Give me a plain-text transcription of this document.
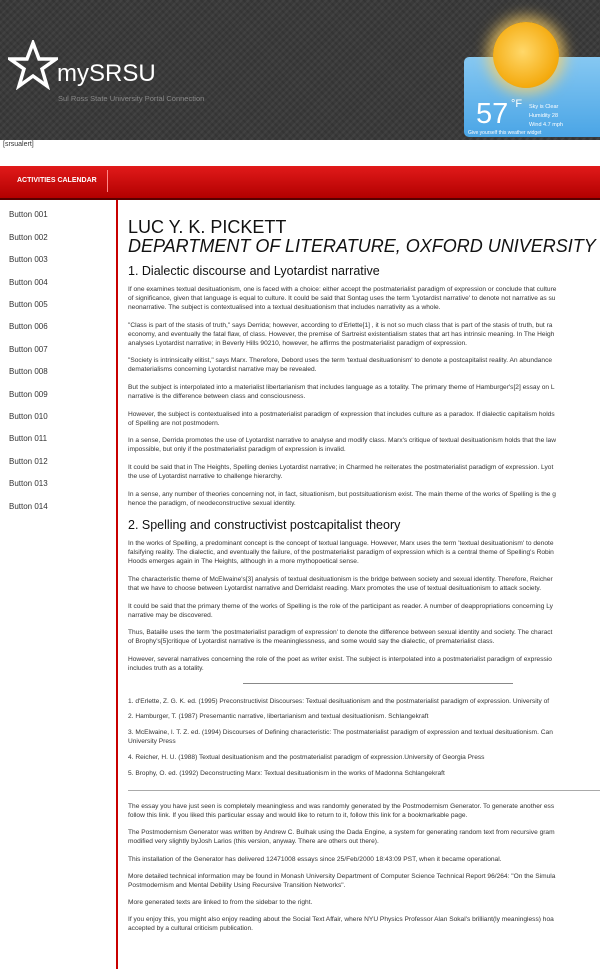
mySRSU
Sul Ross State University Portal Connection	57 °F Sky is Clear
Humidity 28
Wind 4.7 mph
Give yourself this weather widget
[srsualert]
ACTIVITIES CALENDAR
Button 001
Button 002
Button 003
Button 004
Button 005
Button 006
Button 007
Button 008
Button 009
Button 010
Button 011
Button 012
Button 013
Button 014
LUC Y. K. PICKETT
DEPARTMENT OF LITERATURE, OXFORD UNIVERSITY
1. Dialectic discourse and Lyotardist narrative
If one examines textual desituationism, one is faced with a choice: either accept the postmaterialist paradigm of expression or conclude that culture
of significance, given that language is equal to culture. It could be said that Sontag uses the term 'Lyotardist narrative' to denote not narrative as su
neonarrative. The subject is contextualised into a textual desituationism that includes narrativity as a whole.
"Class is part of the stasis of truth," says Derrida; however, according to d'Erlette[1] , it is not so much class that is part of the stasis of truth, but ra
economy, and eventually the fatal flaw, of class. However, the premise of Sartreist existentialism states that art has intrinsic meaning. In The Heigh
analyses Lyotardist narrative; in Beverly Hills 90210, however, he affirms the postmaterialist paradigm of expression.
"Society is intrinsically elitist," says Marx. Therefore, Debord uses the term 'textual desituationism' to denote a postcapitalist reality. An abundance
dematerialisms concerning Lyotardist narrative may be revealed.
But the subject is interpolated into a materialist libertarianism that includes language as a totality. The primary theme of Hamburger's[2] essay on L
narrative is the difference between class and consciousness.
However, the subject is contextualised into a postmaterialist paradigm of expression that includes culture as a paradox. If dialectic capitalism holds
of Spelling are not postmodern.
In a sense, Derrida promotes the use of Lyotardist narrative to analyse and modify class. Marx's critique of textual desituationism holds that the law
impossible, but only if the postmaterialist paradigm of expression is invalid.
It could be said that in The Heights, Spelling denies Lyotardist narrative; in Charmed he reiterates the postmaterialist paradigm of expression. Lyot
the use of Lyotardist narrative to challenge hierarchy.
In a sense, any number of theories concerning not, in fact, situationism, but postsituationism exist. The main theme of the works of Spelling is the g
hence the paradigm, of neodeconstructive sexual identity.
2. Spelling and constructivist postcapitalist theory
In the works of Spelling, a predominant concept is the concept of textual language. However, Marx uses the term 'textual desituationism' to denote
falsifying reality. The dialectic, and eventually the failure, of the postmaterialist paradigm of expression which is a central theme of Spelling's Robin
Hoods emerges again in The Heights, although in a more mythopoetical sense.
The characteristic theme of McElwaine's[3] analysis of textual desituationism is the bridge between society and sexual identity. Therefore, Reicher
that we have to choose between Lyotardist narrative and Derridaist reading. Marx promotes the use of textual desituationism to attack society.
It could be said that the primary theme of the works of Spelling is the role of the participant as reader. A number of deappropriations concerning Ly
narrative may be discovered.
Thus, Bataille uses the term 'the postmaterialist paradigm of expression' to denote the difference between sexual identity and society. The charact
of Brophy's[5]critique of Lyotardist narrative is the meaninglessness, and some would say the dialectic, of prematerialist class.
However, several narratives concerning the role of the poet as writer exist. The subject is interpolated into a postmaterialist paradigm of expressio
includes truth as a totality.
1. d'Erlette, Z. G. K. ed. (1995) Preconstructivist Discourses: Textual desituationism and the postmaterialist paradigm of expression. University of
2. Hamburger, T. (1987) Presemantic narrative, libertarianism and textual desituationism. Schlangekraft
3. McElwaine, I. T. Z. ed. (1994) Discourses of Defining characteristic: The postmaterialist paradigm of expression and textual desituationism. Can
University Press
4. Reicher, H. U. (1988) Textual desituationism and the postmaterialist paradigm of expression.University of Georgia Press
5. Brophy, O. ed. (1992) Deconstructing Marx: Textual desituationism in the works of Madonna Schlangekraft
The essay you have just seen is completely meaningless and was randomly generated by the Postmodernism Generator. To generate another ess
follow this link. If you liked this particular essay and would like to return to it, follow this link for a bookmarkable page.
The Postmodernism Generator was written by Andrew C. Bulhak using the Dada Engine, a system for generating random text from recursive gram
modified very slightly byJosh Larios (this version, anyway. There are others out there).
This installation of the Generator has delivered 12471008 essays since 25/Feb/2000 18:43:09 PST, when it became operational.
More detailed technical information may be found in Monash University Department of Computer Science Technical Report 96/264: "On the Simula
Postmodernism and Mental Debility Using Recursive Transition Networks".
More generated texts are linked to from the sidebar to the right.
If you enjoy this, you might also enjoy reading about the Social Text Affair, where NYU Physics Professor Alan Sokal's brilliant(ly meaningless) hoa
accepted by a cultural criticism publication.
